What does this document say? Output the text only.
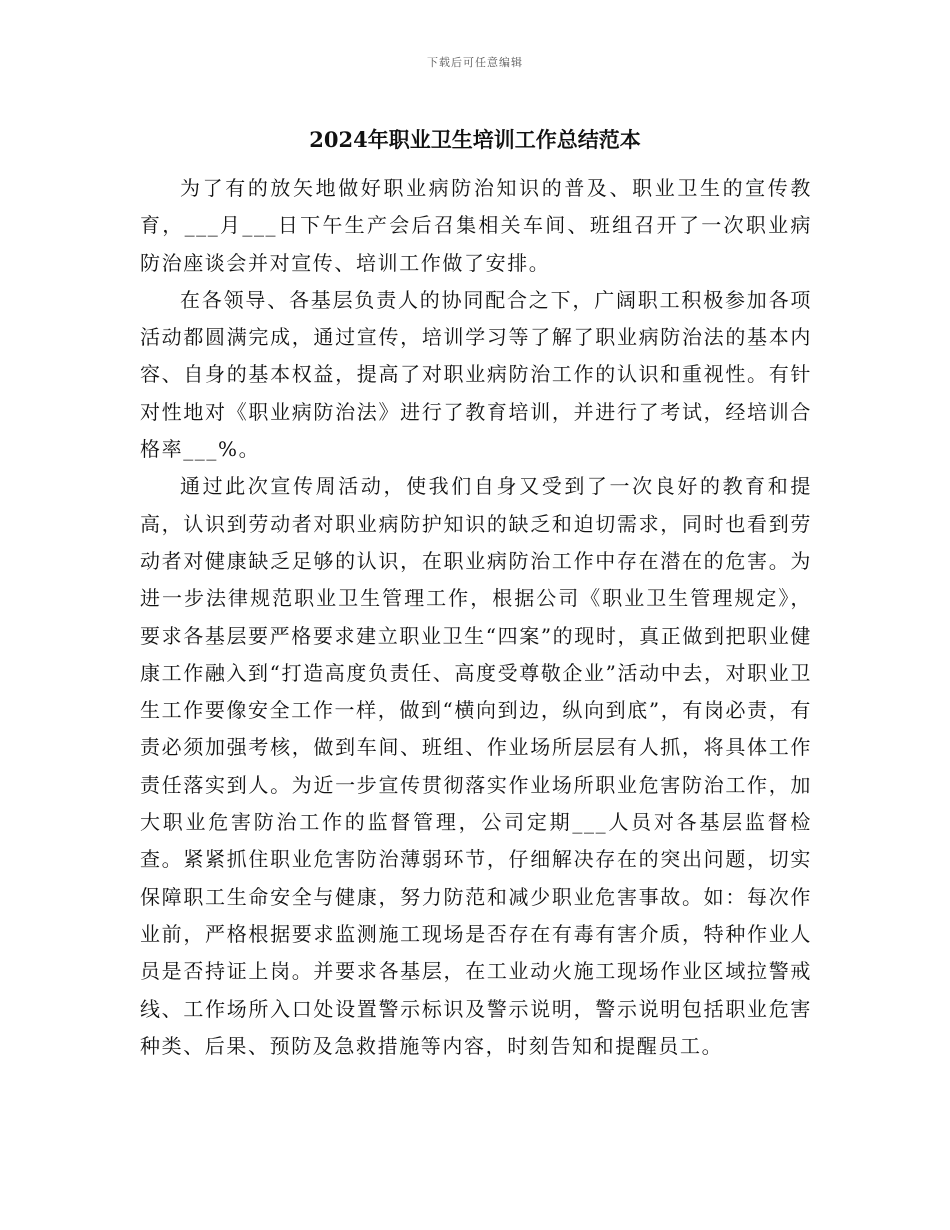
下载后可任意编辑
2024年职业卫生培训工作总结范本

为了有的放矢地做好职业病防治知识的普及、职业卫生的宣传教育，___月___日下午生产会后召集相关车间、班组召开了一次职业病防治座谈会并对宣传、培训工作做了安排。

在各领导、各基层负责人的协同配合之下，广阔职工积极参加各项活动都圆满完成，通过宣传，培训学习等了解了职业病防治法的基本内容、自身的基本权益，提高了对职业病防治工作的认识和重视性。有针对性地对《职业病防治法》进行了教育培训，并进行了考试，经培训合格率___%。

通过此次宣传周活动，使我们自身又受到了一次良好的教育和提高，认识到劳动者对职业病防护知识的缺乏和迫切需求，同时也看到劳动者对健康缺乏足够的认识，在职业病防治工作中存在潜在的危害。为进一步法律规范职业卫生管理工作，根据公司《职业卫生管理规定》，要求各基层要严格要求建立职业卫生“四案”的现时，真正做到把职业健康工作融入到“打造高度负责任、高度受尊敬企业”活动中去，对职业卫生工作要像安全工作一样，做到“横向到边，纵向到底”，有岗必责，有责必须加强考核，做到车间、班组、作业场所层层有人抓，将具体工作责任落实到人。为近一步宣传贯彻落实作业场所职业危害防治工作，加大职业危害防治工作的监督管理，公司定期___人员对各基层监督检查。紧紧抓住职业危害防治薄弱环节，仔细解决存在的突出问题，切实保障职工生命安全与健康，努力防范和减少职业危害事故。如：每次作业前，严格根据要求监测施工现场是否存在有毒有害介质，特种作业人员是否持证上岗。并要求各基层，在工业动火施工现场作业区域拉警戒线、工作场所入口处设置警示标识及警示说明，警示说明包括职业危害种类、后果、预防及急救措施等内容，时刻告知和提醒员工。
